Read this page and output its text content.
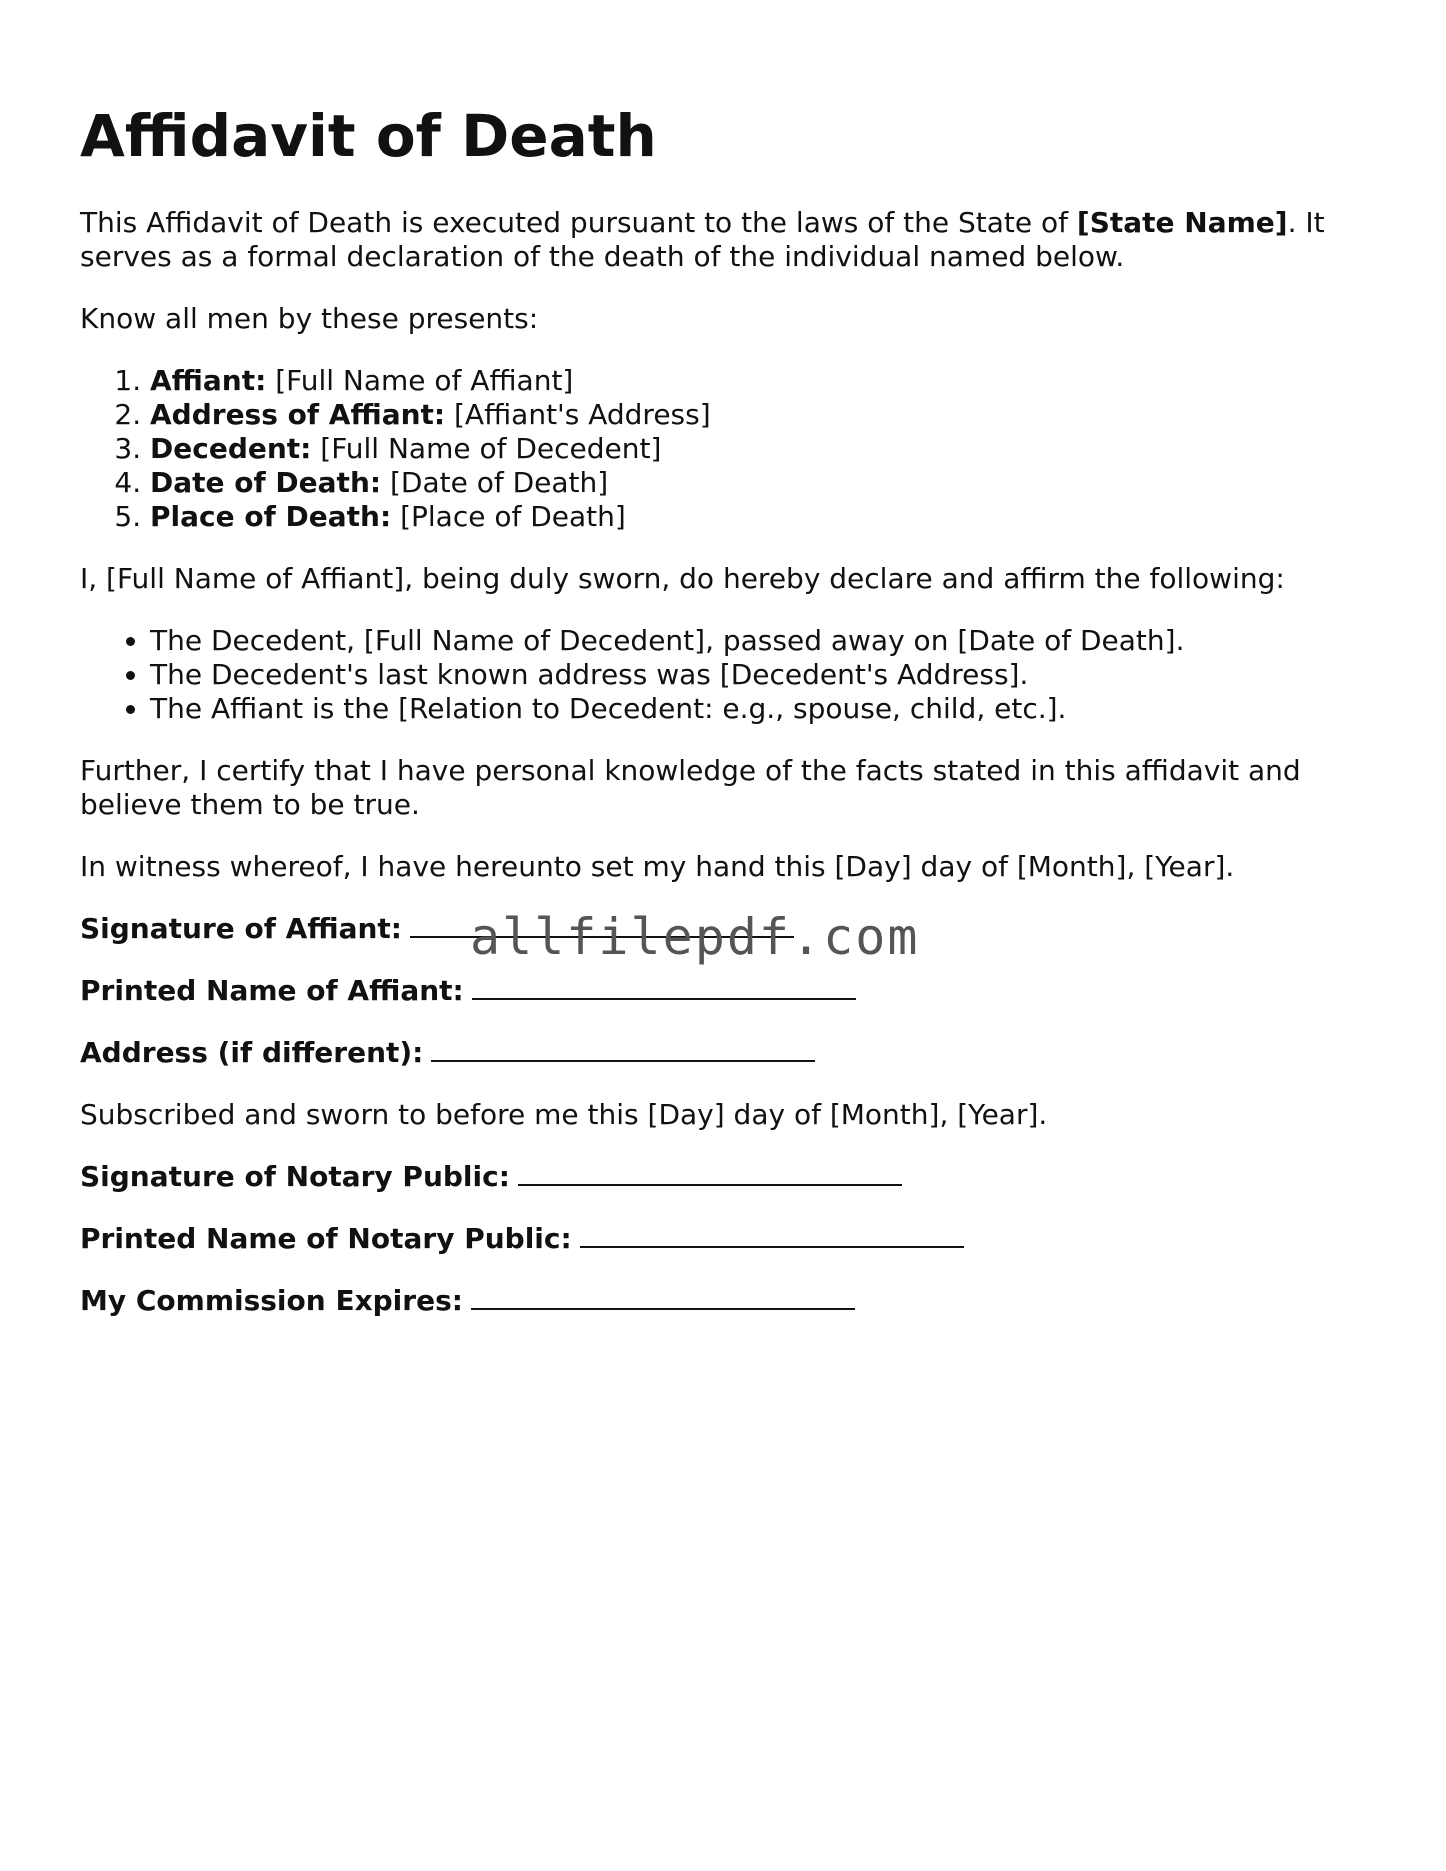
Affidavit of Death

This Affidavit of Death is executed pursuant to the laws of the State of [State Name]. It serves as a formal declaration of the death of the individual named below.

Know all men by these presents:

1. Affiant: [Full Name of Affiant]
2. Address of Affiant: [Affiant's Address]
3. Decedent: [Full Name of Decedent]
4. Date of Death: [Date of Death]
5. Place of Death: [Place of Death]

I, [Full Name of Affiant], being duly sworn, do hereby declare and affirm the following:

• The Decedent, [Full Name of Decedent], passed away on [Date of Death].
• The Decedent's last known address was [Decedent's Address].
• The Affiant is the [Relation to Decedent: e.g., spouse, child, etc.].

Further, I certify that I have personal knowledge of the facts stated in this affidavit and believe them to be true.

In witness whereof, I have hereunto set my hand this [Day] day of [Month], [Year].

Signature of Affiant:
Printed Name of Affiant:
Address (if different):

Subscribed and sworn to before me this [Day] day of [Month], [Year].

Signature of Notary Public:
Printed Name of Notary Public:
My Commission Expires:
allfilepdf.com
